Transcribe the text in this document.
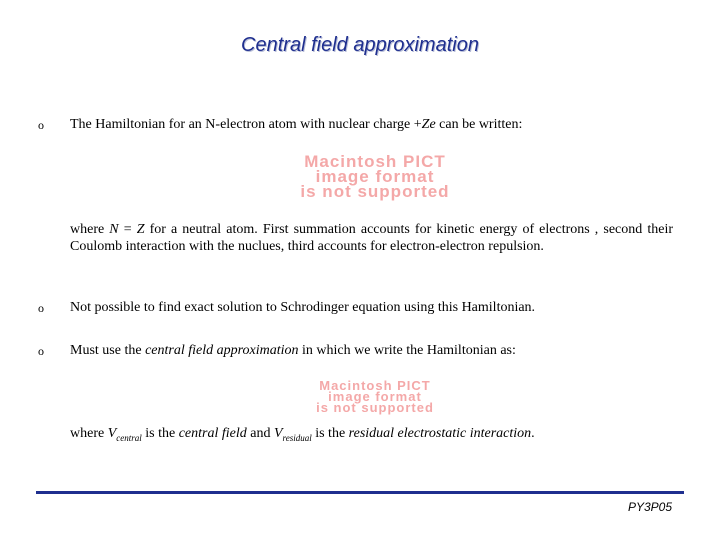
Central field approximation
o The Hamiltonian for an N-electron atom with nuclear charge +Ze can be written:
Macintosh PICT
image format
is not supported
where N = Z for a neutral atom. First summation accounts for kinetic energy of electrons , second their Coulomb interaction with the nuclues, third accounts for electron-electron repulsion.
o Not possible to find exact solution to Schrodinger equation using this Hamiltonian.
o Must use the central field approximation in which we write the Hamiltonian as:
Macintosh PICT
image format
is not supported
where $V_{central}$ is the central field and $V_{residual}$ is the residual electrostatic interaction.
PY3P05
